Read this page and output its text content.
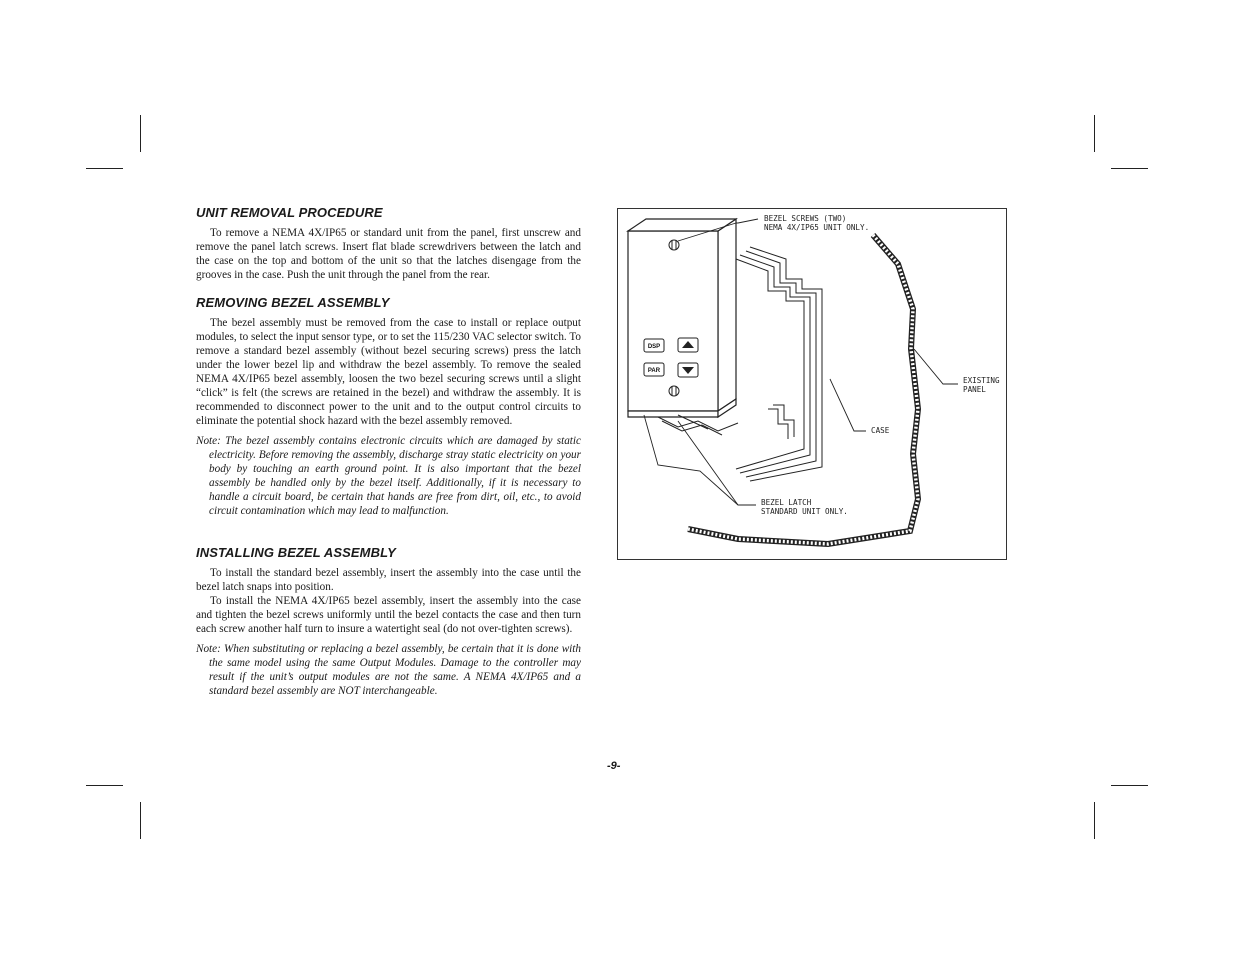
UNIT REMOVAL PROCEDURE

To remove a NEMA 4X/IP65 or standard unit from the panel, first unscrew and remove the panel latch screws. Insert flat blade screwdrivers between the latch and the case on the top and bottom of the unit so that the latches disengage from the grooves in the case. Push the unit through the panel from the rear.

REMOVING BEZEL ASSEMBLY

The bezel assembly must be removed from the case to install or replace output modules, to select the input sensor type, or to set the 115/230 VAC selector switch. To remove a standard bezel assembly (without bezel securing screws) press the latch under the lower bezel lip and withdraw the bezel assembly. To remove the sealed NEMA 4X/IP65 bezel assembly, loosen the two bezel securing screws until a slight “click” is felt (the screws are retained in the bezel) and withdraw the assembly. It is recommended to disconnect power to the unit and to the output control circuits to eliminate the potential shock hazard with the bezel assembly removed.

Note: The bezel assembly contains electronic circuits which are damaged by static electricity. Before removing the assembly, discharge stray static electricity on your body by touching an earth ground point. It is also important that the bezel assembly be handled only by the bezel itself. Additionally, if it is necessary to handle a circuit board, be certain that hands are free from dirt, oil, etc., to avoid circuit contamination which may lead to malfunction.

INSTALLING BEZEL ASSEMBLY

To install the standard bezel assembly, insert the assembly into the case until the bezel latch snaps into position.

To install the NEMA 4X/IP65 bezel assembly, insert the assembly into the case and tighten the bezel screws uniformly until the bezel contacts the case and then turn each screw another half turn to insure a watertight seal (do not over-tighten screws).

Note: When substituting or replacing a bezel assembly, be certain that it is done with the same model using the same Output Modules. Damage to the controller may result if the unit’s output modules are not the same. A NEMA 4X/IP65 and a standard bezel assembly are NOT interchangeable.

DSP
PAR
BEZEL SCREWS (TWO)
NEMA 4X/IP65 UNIT ONLY.
EXISTING
PANEL
CASE
BEZEL LATCH
STANDARD UNIT ONLY.
-9-
